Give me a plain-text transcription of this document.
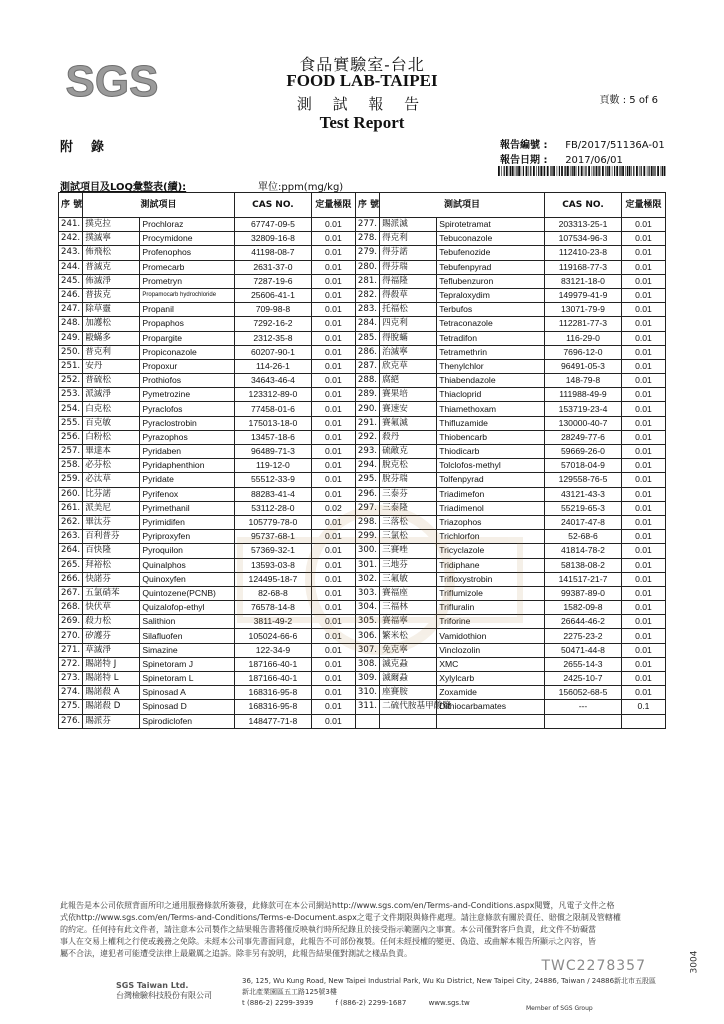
SGS	食品實驗室-台北
FOOD LAB-TAIPEI
測 試 報 告
Test Report
頁數 : 5 of 6
附錄	報告編號 : FB/2017/51136A-01
報告日期 : 2017/06/01
測試項目及LOQ彙整表(續):	單位:ppm(mg/kg)
序 號	測試項目		CAS NO.	定量極限	序 號	測試項目		CAS NO.	定量極限
241.	撲克拉	Prochloraz	67747-09-5	0.01	277.	賜派滅	Spirotetramat	203313-25-1	0.01
242.	撲滅寧	Procymidone	32809-16-8	0.01	278.	得克利	Tebuconazole	107534-96-3	0.01
243.	佈飛松	Profenophos	41198-08-7	0.01	279.	得芬諾	Tebufenozide	112410-23-8	0.01
244.	普滅克	Promecarb	2631-37-0	0.01	280.	得芬瑞	Tebufenpyrad	119168-77-3	0.01
245.	佈滅淨	Prometryn	7287-19-6	0.01	281.	得福隆	Teflubenzuron	83121-18-0	0.01
246.	普拔克	Propamocarb hydrochloride	25606-41-1	0.01	282.	得殺草	Tepraloxydim	149979-41-9	0.01
247.	除草靈	Propanil	709-98-8	0.01	283.	托福松	Terbufos	13071-79-9	0.01
248.	加護松	Propaphos	7292-16-2	0.01	284.	四克利	Tetraconazole	112281-77-3	0.01
249.	毆蟎多	Propargite	2312-35-8	0.01	285.	得脫蟎	Tetradifon	116-29-0	0.01
250.	普克利	Propiconazole	60207-90-1	0.01	286.	治滅寧	Tetramethrin	7696-12-0	0.01
251.	安丹	Propoxur	114-26-1	0.01	287.	欣克草	Thenylchlor	96491-05-3	0.01
252.	普硫松	Prothiofos	34643-46-4	0.01	288.	腐絕	Thiabendazole	148-79-8	0.01
253.	派滅淨	Pymetrozine	123312-89-0	0.01	289.	賽果培	Thiacloprid	111988-49-9	0.01
254.	白克松	Pyraclofos	77458-01-6	0.01	290.	賽速安	Thiamethoxam	153719-23-4	0.01
255.	百克敏	Pyraclostrobin	175013-18-0	0.01	291.	賽氟滅	Thifluzamide	130000-40-7	0.01
256.	白粉松	Pyrazophos	13457-18-6	0.01	292.	殺丹	Thiobencarb	28249-77-6	0.01
257.	畢達本	Pyridaben	96489-71-3	0.01	293.	硫敵克	Thiodicarb	59669-26-0	0.01
258.	必芬松	Pyridaphenthion	119-12-0	0.01	294.	脫克松	Tolclofos-methyl	57018-04-9	0.01
259.	必汰草	Pyridate	55512-33-9	0.01	295.	脫芬瑞	Tolfenpyrad	129558-76-5	0.01
260.	比芬諾	Pyrifenox	88283-41-4	0.01	296.	三泰芬	Triadimefon	43121-43-3	0.01
261.	派美尼	Pyrimethanil	53112-28-0	0.02	297.	三泰隆	Triadimenol	55219-65-3	0.01
262.	畢汰芬	Pyrimidifen	105779-78-0	0.01	298.	三落松	Triazophos	24017-47-8	0.01
263.	百利普芬	Pyriproxyfen	95737-68-1	0.01	299.	三氯松	Trichlorfon	52-68-6	0.01
264.	百快隆	Pyroquilon	57369-32-1	0.01	300.	三賽唑	Tricyclazole	41814-78-2	0.01
265.	拜裕松	Quinalphos	13593-03-8	0.01	301.	三地芬	Tridiphane	58138-08-2	0.01
266.	快諾芬	Quinoxyfen	124495-18-7	0.01	302.	三氟敏	Trifloxystrobin	141517-21-7	0.01
267.	五氯硝苯	Quintozene(PCNB)	82-68-8	0.01	303.	賽福座	Triflumizole	99387-89-0	0.01
268.	快伏草	Quizalofop-ethyl	76578-14-8	0.01	304.	三福林	Trifluralin	1582-09-8	0.01
269.	殺力松	Salithion	3811-49-2	0.01	305.	賽福寧	Triforine	26644-46-2	0.01
270.	矽護芬	Silafluofen	105024-66-6	0.01	306.	繁米松	Vamidothion	2275-23-2	0.01
271.	草滅淨	Simazine	122-34-9	0.01	307.	免克寧	Vinclozolin	50471-44-8	0.01
272.	賜諾特 J	Spinetoram J	187166-40-1	0.01	308.	滅克蝨	XMC	2655-14-3	0.01
273.	賜諾特 L	Spinetoram L	187166-40-1	0.01	309.	滅爾蝨	Xylylcarb	2425-10-7	0.01
274.	賜諾殺 A	Spinosad A	168316-95-8	0.01	310.	座賽胺	Zoxamide	156052-68-5	0.01
275.	賜諾殺 D	Spinosad D	168316-95-8	0.01	311.	二硫代胺基甲酸鹽	Dithiocarbamates	---	0.1
276.	賜派芬	Spirodiclofen	148477-71-8	0.01					

此報告是本公司依照背面所印之通用服務條款所簽發，此條款可在本公司網站http://www.sgs.com/en/Terms-and-Conditions.aspx閱覽，凡電子文件之格

式依http://www.sgs.com/en/Terms-and-Conditions/Terms-e-Document.aspx之電子文件期限與條件處理。請注意條款有關於責任、賠償之限制及管轄權

的約定。任何持有此文件者，請注意本公司製作之結果報告書將僅反映執行時所紀錄且於接受指示範圍內之事實。本公司僅對客戶負責，此文件不妨礙當

事人在交易上權利之行使或義務之免除。未經本公司事先書面同意，此報告不可部份複製。任何未經授權的變更、偽造、或曲解本報告所顯示之內容，皆

屬不合法，違犯者可能遭受法律上最嚴厲之追訴。除非另有說明，此報告結果僅對測試之樣品負責。

TWC2278357	3004
SGS Taiwan Ltd.
台灣檢驗科技股份有限公司
36, 125, Wu Kung Road, New Taipei Industrial Park, Wu Ku District, New Taipei City, 24886, Taiwan / 24886新北市五股區新北產業園區五工路125號3樓
t (886-2) 2299-3939	f (886-2) 2299-1687	www.sgs.tw
Member of SGS Group
